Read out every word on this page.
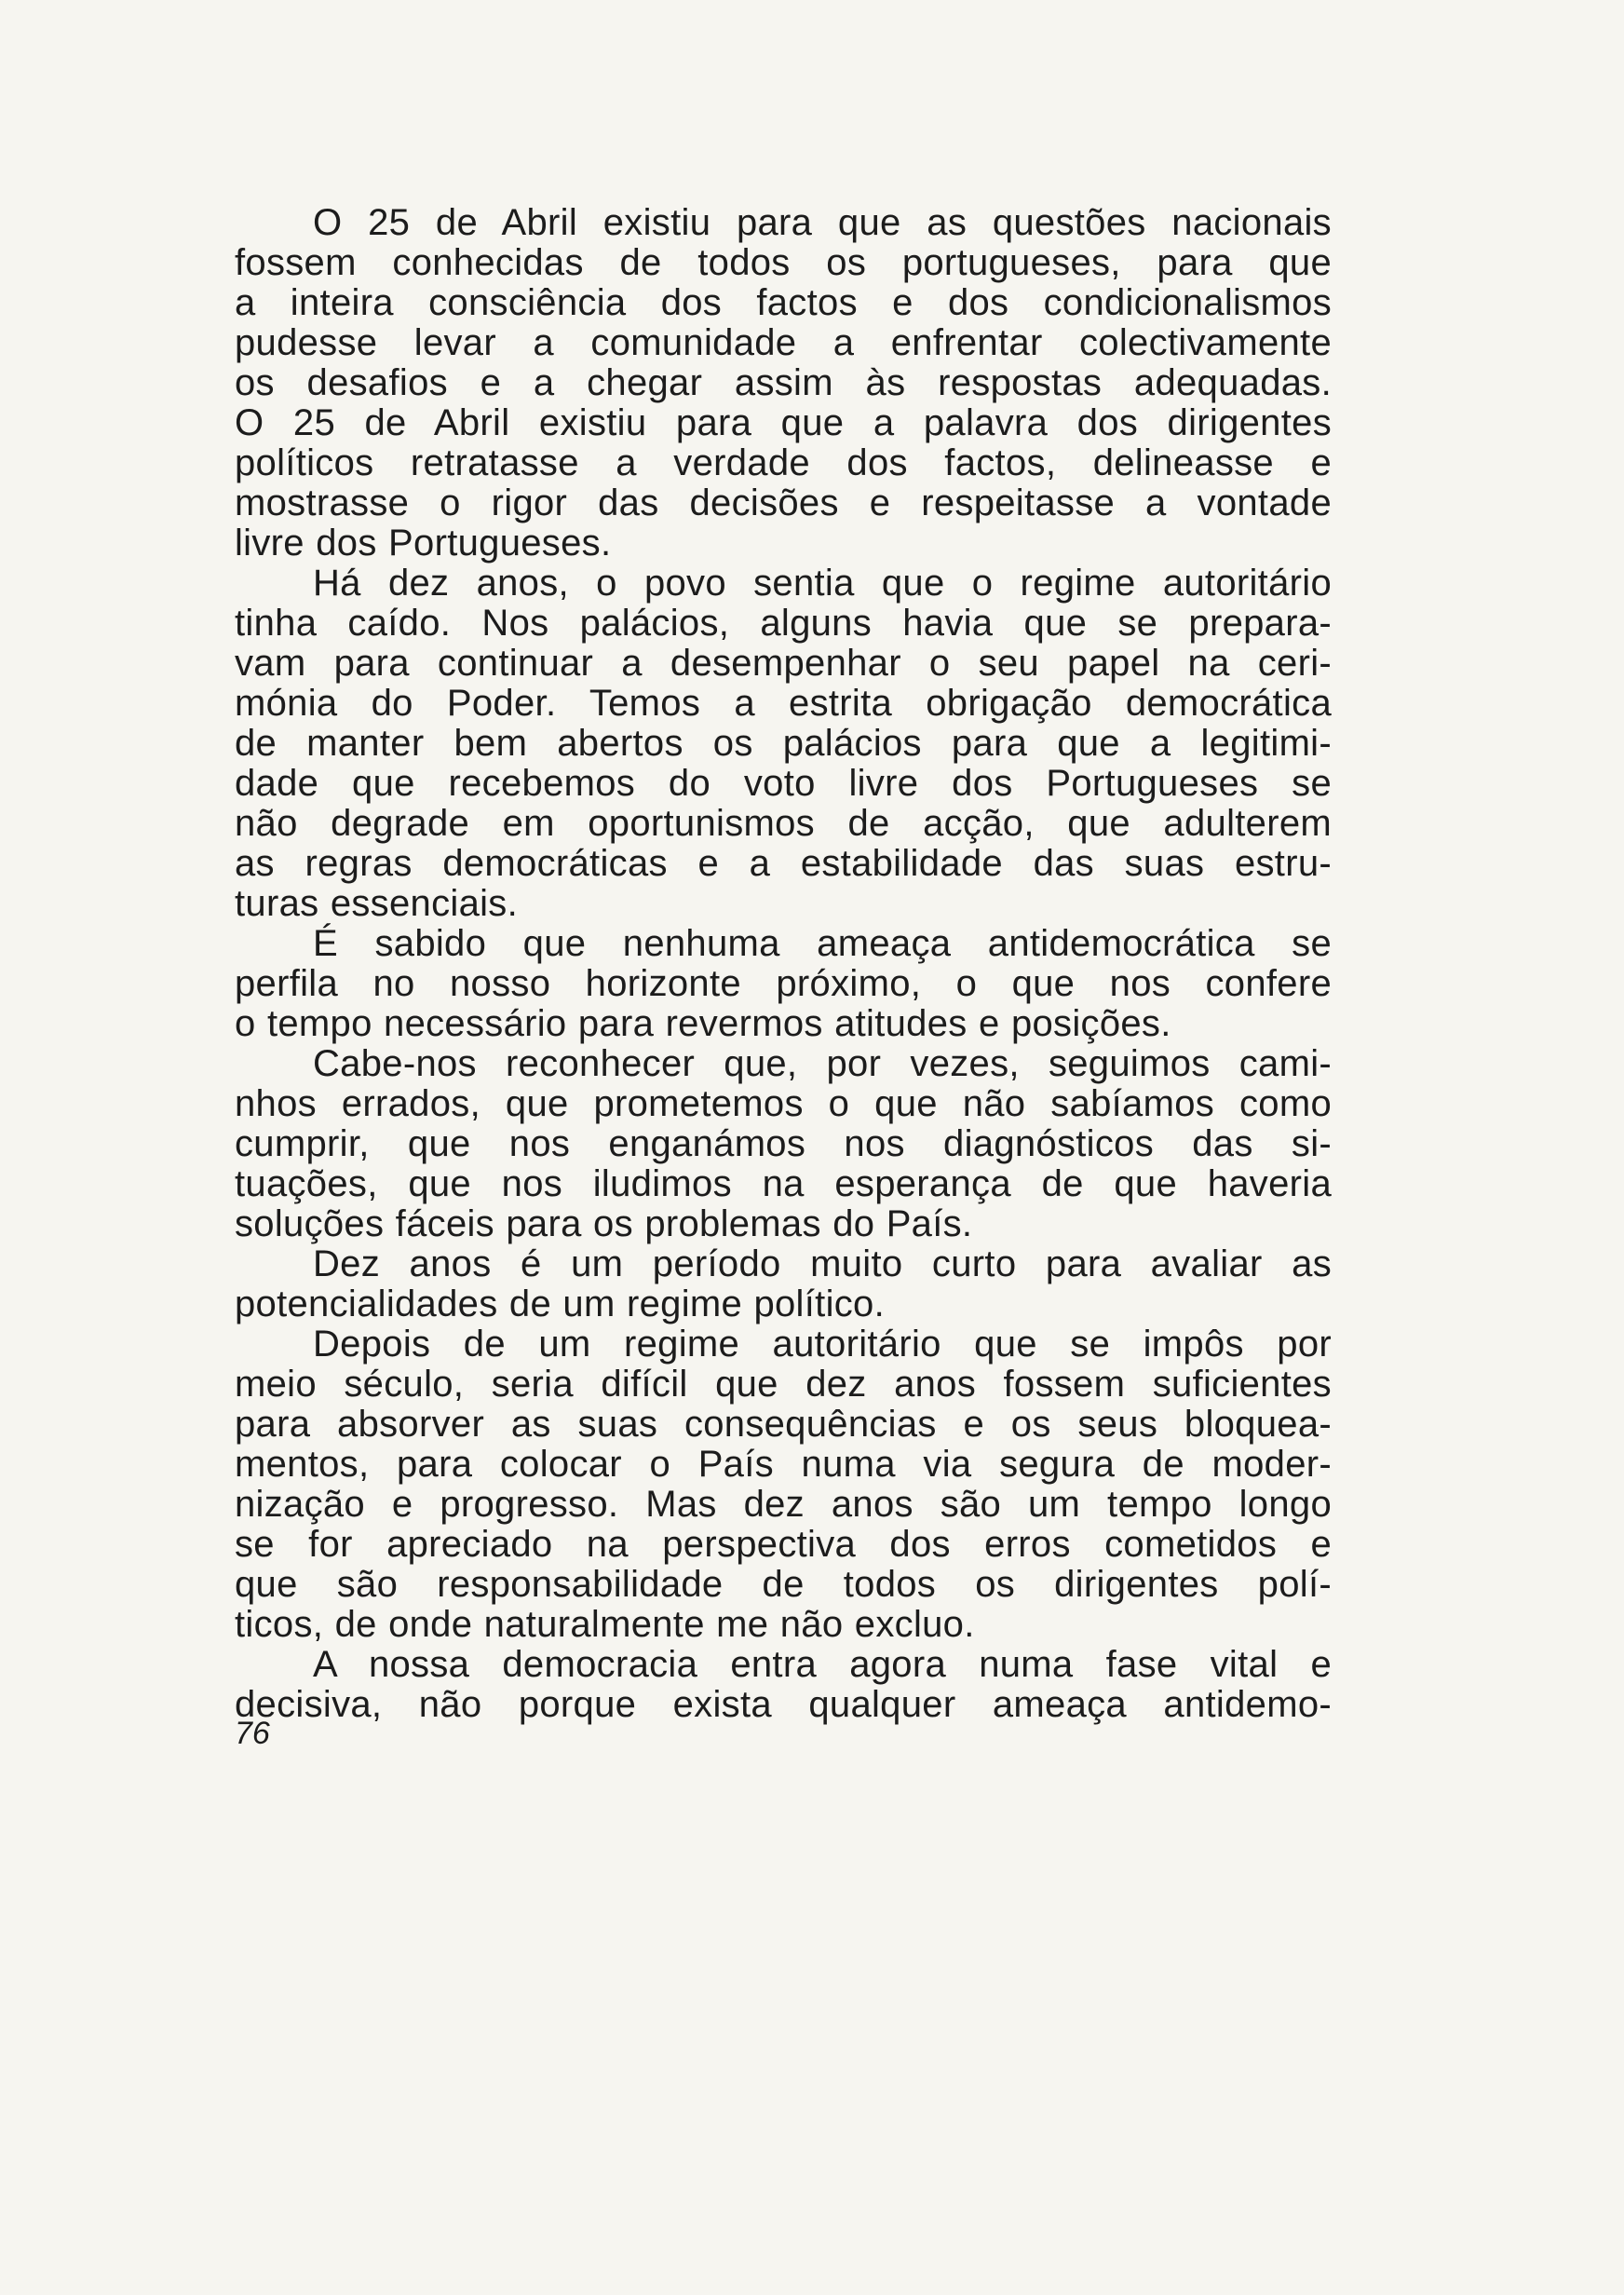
O 25 de Abril existiu para que as questões nacionais
fossem conhecidas de todos os portugueses, para que
a inteira consciência dos factos e dos condicionalismos
pudesse levar a comunidade a enfrentar colectivamente
os desafios e a chegar assim às respostas adequadas.
O 25 de Abril existiu para que a palavra dos dirigentes
políticos retratasse a verdade dos factos, delineasse e
mostrasse o rigor das decisões e respeitasse a vontade
livre dos Portugueses.
Há dez anos, o povo sentia que o regime autoritário
tinha caído. Nos palácios, alguns havia que se prepara-
vam para continuar a desempenhar o seu papel na ceri-
mónia do Poder. Temos a estrita obrigação democrática
de manter bem abertos os palácios para que a legitimi-
dade que recebemos do voto livre dos Portugueses se
não degrade em oportunismos de acção, que adulterem
as regras democráticas e a estabilidade das suas estru-
turas essenciais.
É sabido que nenhuma ameaça antidemocrática se
perfila no nosso horizonte próximo, o que nos confere
o tempo necessário para revermos atitudes e posições.
Cabe-nos reconhecer que, por vezes, seguimos cami-
nhos errados, que prometemos o que não sabíamos como
cumprir, que nos enganámos nos diagnósticos das si-
tuações, que nos iludimos na esperança de que haveria
soluções fáceis para os problemas do País.
Dez anos é um período muito curto para avaliar as
potencialidades de um regime político.
Depois de um regime autoritário que se impôs por
meio século, seria difícil que dez anos fossem suficientes
para absorver as suas consequências e os seus bloquea-
mentos, para colocar o País numa via segura de moder-
nização e progresso. Mas dez anos são um tempo longo
se for apreciado na perspectiva dos erros cometidos e
que são responsabilidade de todos os dirigentes polí-
ticos, de onde naturalmente me não excluo.
A nossa democracia entra agora numa fase vital e
decisiva, não porque exista qualquer ameaça antidemo-
76
